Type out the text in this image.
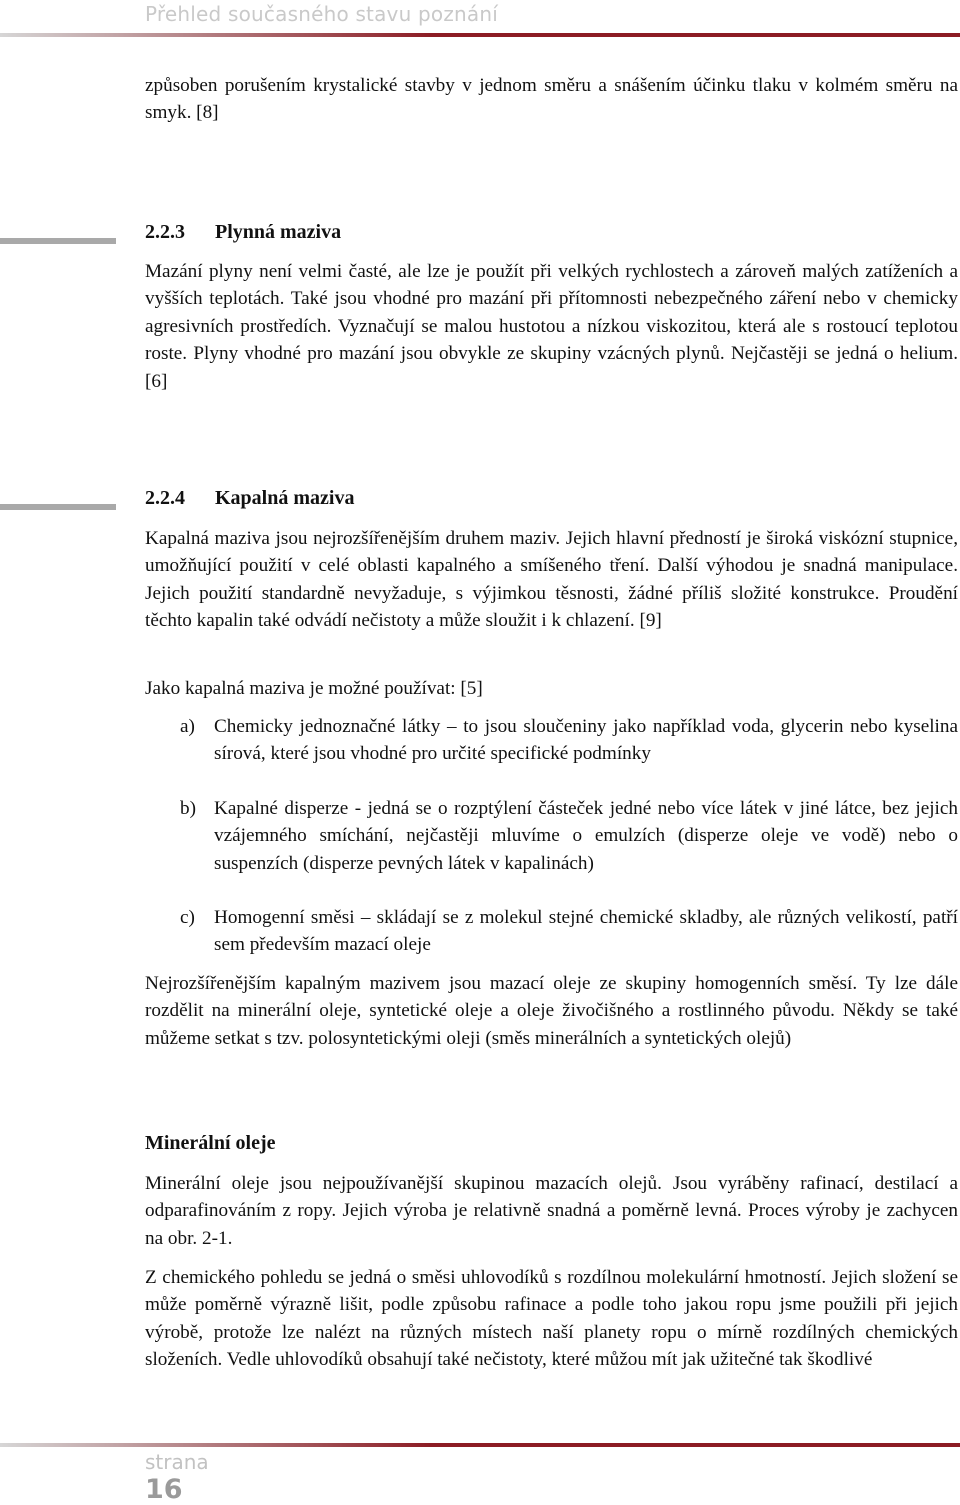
Přehled současného stavu poznání

způsoben porušením krystalické stavby v jednom směru a snášením účinku tlaku v kolmém směru na smyk. [8]

2.2.3 Plynná maziva

Mazání plyny není velmi časté, ale lze je použít při velkých rychlostech a zároveň malých zatíženích a vyšších teplotách. Také jsou vhodné pro mazání při přítomnosti nebezpečného záření nebo v chemicky agresivních prostředích. Vyznačují se malou hustotou a nízkou viskozitou, která ale s rostoucí teplotou roste. Plyny vhodné pro mazání jsou obvykle ze skupiny vzácných plynů. Nejčastěji se jedná o helium. [6]

2.2.4 Kapalná maziva

Kapalná maziva jsou nejrozšířenějším druhem maziv. Jejich hlavní předností je široká viskózní stupnice, umožňující použití v celé oblasti kapalného a smíšeného tření. Další výhodou je snadná manipulace. Jejich použití standardně nevyžaduje, s výjimkou těsnosti, žádné příliš složité konstrukce. Proudění těchto kapalin také odvádí nečistoty a může sloužit i k chlazení. [9]

Jako kapalná maziva je možné používat: [5]

a) Chemicky jednoznačné látky – to jsou sloučeniny jako například voda, glycerin nebo kyselina sírová, které jsou vhodné pro určité specifické podmínky
b) Kapalné disperze - jedná se o rozptýlení částeček jedné nebo více látek v jiné látce, bez jejich vzájemného smíchání, nejčastěji mluvíme o emulzích (disperze oleje ve vodě) nebo o suspenzích (disperze pevných látek v kapalinách)
c) Homogenní směsi – skládají se z molekul stejné chemické skladby, ale různých velikostí, patří sem především mazací oleje

Nejrozšířenějším kapalným mazivem jsou mazací oleje ze skupiny homogenních směsí. Ty lze dále rozdělit na minerální oleje, syntetické oleje a oleje živočišného a rostlinného původu. Někdy se také můžeme setkat s tzv. polosyntetickými oleji (směs minerálních a syntetických olejů)

Minerální oleje

Minerální oleje jsou nejpoužívanější skupinou mazacích olejů. Jsou vyráběny rafinací, destilací a odparafinováním z ropy. Jejich výroba je relativně snadná a poměrně levná. Proces výroby je zachycen na obr. 2-1.

Z chemického pohledu se jedná o směsi uhlovodíků s rozdílnou molekulární hmotností. Jejich složení se může poměrně výrazně lišit, podle způsobu rafinace a podle toho jakou ropu jsme použili při jejich výrobě, protože lze nalézt na různých místech naší planety ropu o mírně rozdílných chemických složeních. Vedle uhlovodíků obsahují také nečistoty, které můžou mít jak užitečné tak škodlivé

strana
16
